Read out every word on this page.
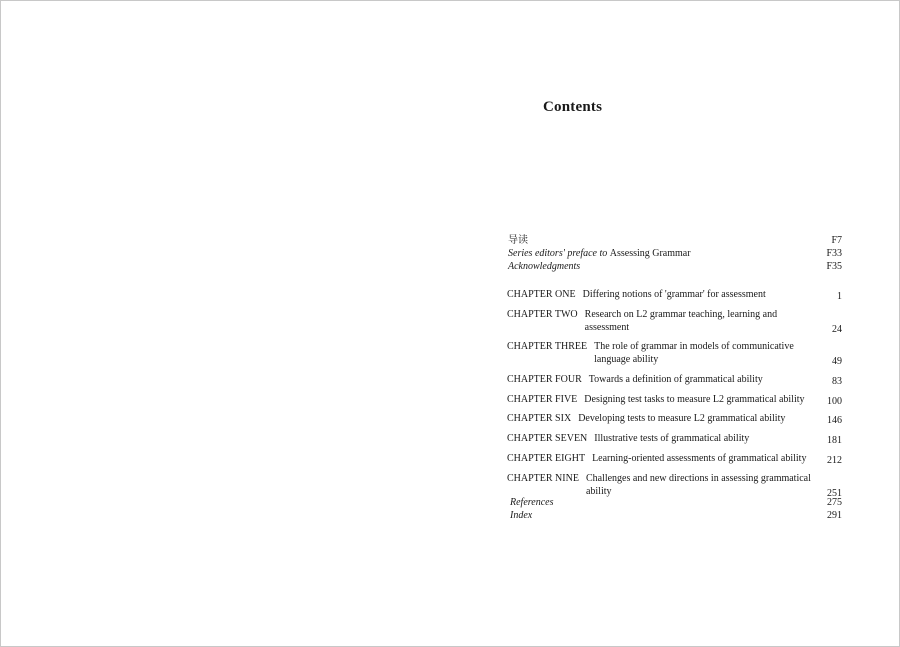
Contents
导读	F7
Series editors' preface to Assessing Grammar	F33
Acknowledgments	F35
CHAPTER ONE Differing notions of 'grammar' for assessment	1
CHAPTER TWO Research on L2 grammar teaching, learning and assessment	24
CHAPTER THREE The role of grammar in models of communicative language ability	49
CHAPTER FOUR Towards a definition of grammatical ability	83
CHAPTER FIVE Designing test tasks to measure L2 grammatical ability	100
CHAPTER SIX Developing tests to measure L2 grammatical ability	146
CHAPTER SEVEN Illustrative tests of grammatical ability	181
CHAPTER EIGHT Learning-oriented assessments of grammatical ability	212
CHAPTER NINE Challenges and new directions in assessing grammatical ability	251
References	275
Index	291
